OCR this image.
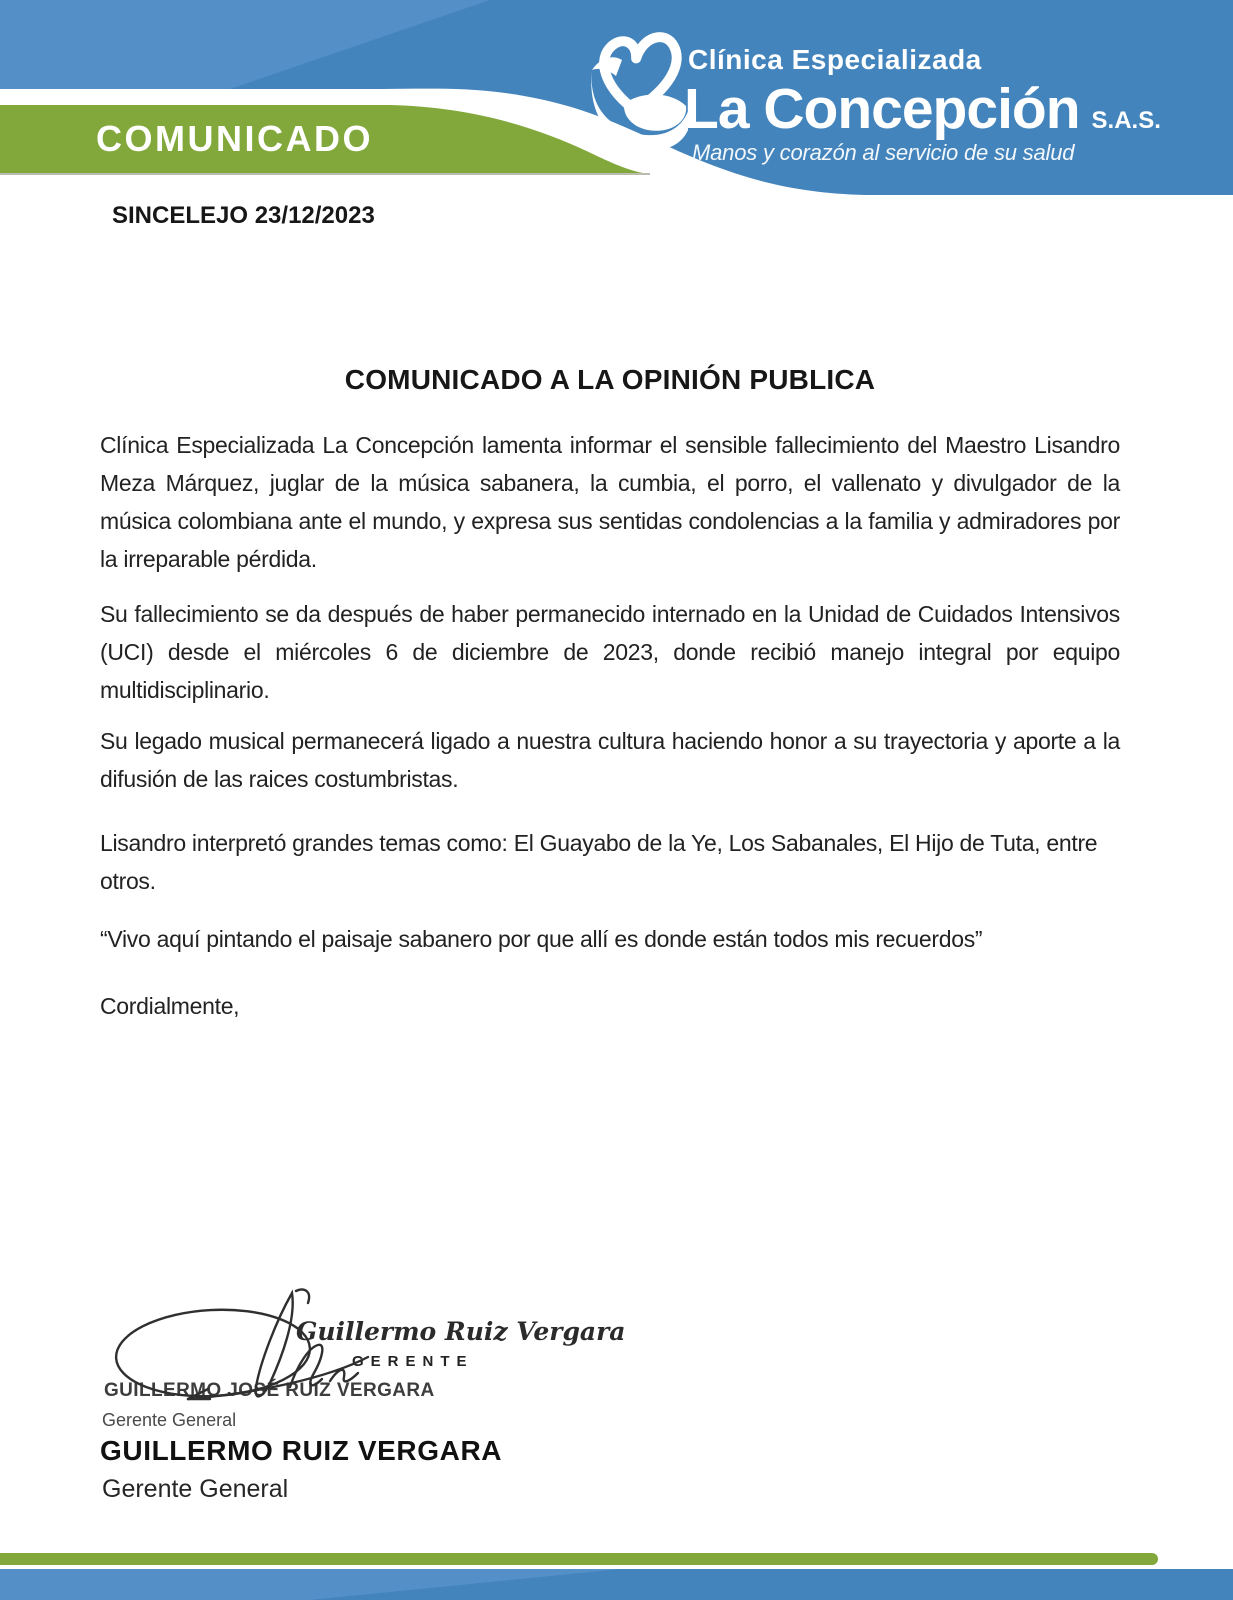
COMUNICADO
Clínica Especializada
La Concepción S.A.S.
Manos y corazón al servicio de su salud
SINCELEJO 23/12/2023
COMUNICADO A LA OPINIÓN PUBLICA

Clínica Especializada La Concepción lamenta informar el sensible fallecimiento del Maestro Lisandro Meza Márquez, juglar de la música sabanera, la cumbia, el porro, el vallenato y divulgador de la música colombiana ante el mundo, y expresa sus sentidas condolencias a la familia y admiradores por la irreparable pérdida.

Su fallecimiento se da después de haber permanecido internado en la Unidad de Cuidados Intensivos (UCI) desde el miércoles 6 de diciembre de 2023, donde recibió manejo integral por equipo multidisciplinario.

Su legado musical permanecerá ligado a nuestra cultura haciendo honor a su trayectoria y aporte a la difusión de las raices costumbristas.

Lisandro interpretó grandes temas como: El Guayabo de la Ye, Los Sabanales, El Hijo de Tuta, entre otros.

“Vivo aquí pintando el paisaje sabanero por que allí es donde están todos mis recuerdos”

Cordialmente,

Guillermo Ruiz Vergara
GERENTE
GUILLERMO JOSÉ RUIZ VERGARA
Gerente General
GUILLERMO RUIZ VERGARA
Gerente General
